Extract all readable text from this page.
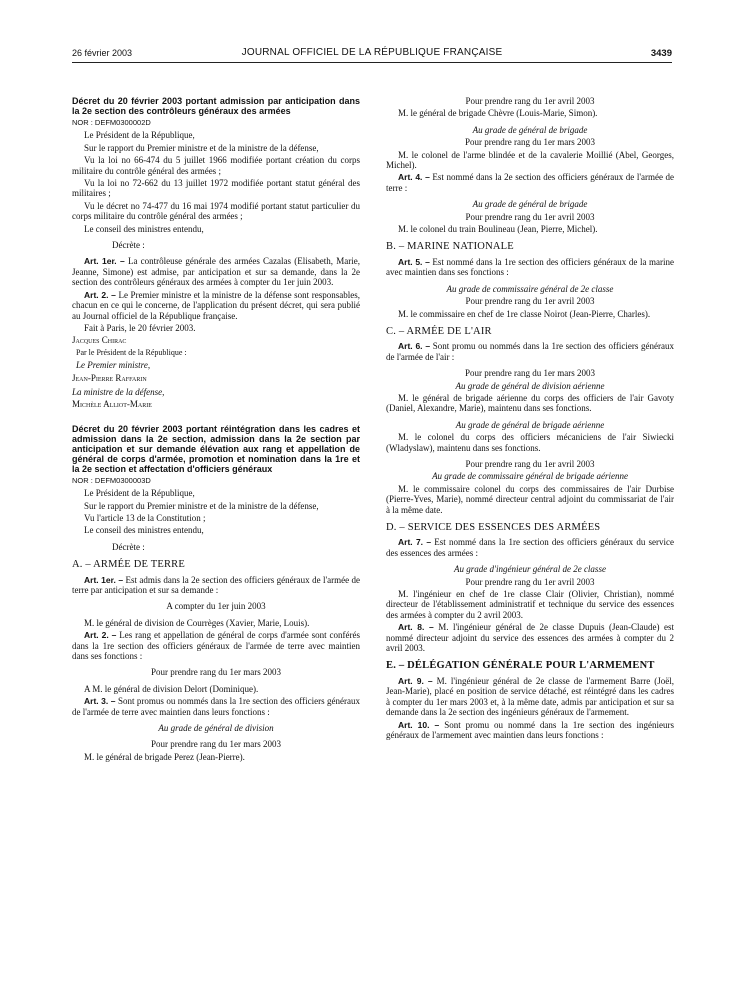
26 février 2003	JOURNAL OFFICIEL DE LA RÉPUBLIQUE FRANÇAISE	3439

Décret du 20 février 2003 portant admission par anticipation dans la 2e section des contrôleurs généraux des armées

NOR : DEFM0300002D

Le Président de la République,

Sur le rapport du Premier ministre et de la ministre de la défense,

Vu la loi no 66-474 du 5 juillet 1966 modifiée portant création du corps militaire du contrôle général des armées ;

Vu la loi no 72-662 du 13 juillet 1972 modifiée portant statut général des militaires ;

Vu le décret no 74-477 du 16 mai 1974 modifié portant statut particulier du corps militaire du contrôle général des armées ;

Le conseil des ministres entendu,

Décrète :

Art. 1er. – La contrôleuse générale des armées Cazalas (Elisabeth, Marie, Jeanne, Simone) est admise, par anticipation et sur sa demande, dans la 2e section des contrôleurs généraux des armées à compter du 1er juin 2003.

Art. 2. – Le Premier ministre et la ministre de la défense sont responsables, chacun en ce qui le concerne, de l'application du présent décret, qui sera publié au Journal officiel de la République française.

Fait à Paris, le 20 février 2003.

Jacques Chirac

Par le Président de la République :

Le Premier ministre,

Jean-Pierre Raffarin

La ministre de la défense,

Michèle Alliot-Marie

Décret du 20 février 2003 portant réintégration dans les cadres et admission dans la 2e section, admission dans la 2e section par anticipation et sur demande élévation aux rang et appellation de général de corps d'armée, promotion et nomination dans la 1re et la 2e section et affectation d'officiers généraux

NOR : DEFM0300003D

Le Président de la République,

Sur le rapport du Premier ministre et de la ministre de la défense,

Vu l'article 13 de la Constitution ;

Le conseil des ministres entendu,

Décrète :

A. – ARMÉE DE TERRE

Art. 1er. – Est admis dans la 2e section des officiers généraux de l'armée de terre par anticipation et sur sa demande :

A compter du 1er juin 2003

M. le général de division de Courrèges (Xavier, Marie, Louis).

Art. 2. – Les rang et appellation de général de corps d'armée sont conférés dans la 1re section des officiers généraux de l'armée de terre avec maintien dans ses fonctions :

Pour prendre rang du 1er mars 2003

A M. le général de division Delort (Dominique).

Art. 3. – Sont promus ou nommés dans la 1re section des officiers généraux de l'armée de terre avec maintien dans leurs fonctions :

Au grade de général de division

Pour prendre rang du 1er mars 2003

M. le général de brigade Perez (Jean-Pierre).

Pour prendre rang du 1er avril 2003

M. le général de brigade Chèvre (Louis-Marie, Simon).

Au grade de général de brigade

Pour prendre rang du 1er mars 2003

M. le colonel de l'arme blindée et de la cavalerie Moillié (Abel, Georges, Michel).

Art. 4. – Est nommé dans la 2e section des officiers généraux de l'armée de terre :

Au grade de général de brigade

Pour prendre rang du 1er avril 2003

M. le colonel du train Boulineau (Jean, Pierre, Michel).

B. – MARINE NATIONALE

Art. 5. – Est nommé dans la 1re section des officiers généraux de la marine avec maintien dans ses fonctions :

Au grade de commissaire général de 2e classe

Pour prendre rang du 1er avril 2003

M. le commissaire en chef de 1re classe Noirot (Jean-Pierre, Charles).

C. – ARMÉE DE L'AIR

Art. 6. – Sont promu ou nommés dans la 1re section des officiers généraux de l'armée de l'air :

Pour prendre rang du 1er mars 2003

Au grade de général de division aérienne

M. le général de brigade aérienne du corps des officiers de l'air Gavoty (Daniel, Alexandre, Marie), maintenu dans ses fonctions.

Au grade de général de brigade aérienne

M. le colonel du corps des officiers mécaniciens de l'air Siwiecki (Wladyslaw), maintenu dans ses fonctions.

Pour prendre rang du 1er avril 2003

Au grade de commissaire général de brigade aérienne

M. le commissaire colonel du corps des commissaires de l'air Durbise (Pierre-Yves, Marie), nommé directeur central adjoint du commissariat de l'air à la même date.

D. – SERVICE DES ESSENCES DES ARMÉES

Art. 7. – Est nommé dans la 1re section des officiers généraux du service des essences des armées :

Au grade d'ingénieur général de 2e classe

Pour prendre rang du 1er avril 2003

M. l'ingénieur en chef de 1re classe Clair (Olivier, Christian), nommé directeur de l'établissement administratif et technique du service des essences des armées à compter du 2 avril 2003.

Art. 8. – M. l'ingénieur général de 2e classe Dupuis (Jean-Claude) est nommé directeur adjoint du service des essences des armées à compter du 2 avril 2003.

E. – DÉLÉGATION GÉNÉRALE POUR L'ARMEMENT

Art. 9. – M. l'ingénieur général de 2e classe de l'armement Barre (Joël, Jean-Marie), placé en position de service détaché, est réintégré dans les cadres à compter du 1er mars 2003 et, à la même date, admis par anticipation et sur sa demande dans la 2e section des ingénieurs généraux de l'armement.

Art. 10. – Sont promu ou nommé dans la 1re section des ingénieurs généraux de l'armement avec maintien dans leurs fonctions :
